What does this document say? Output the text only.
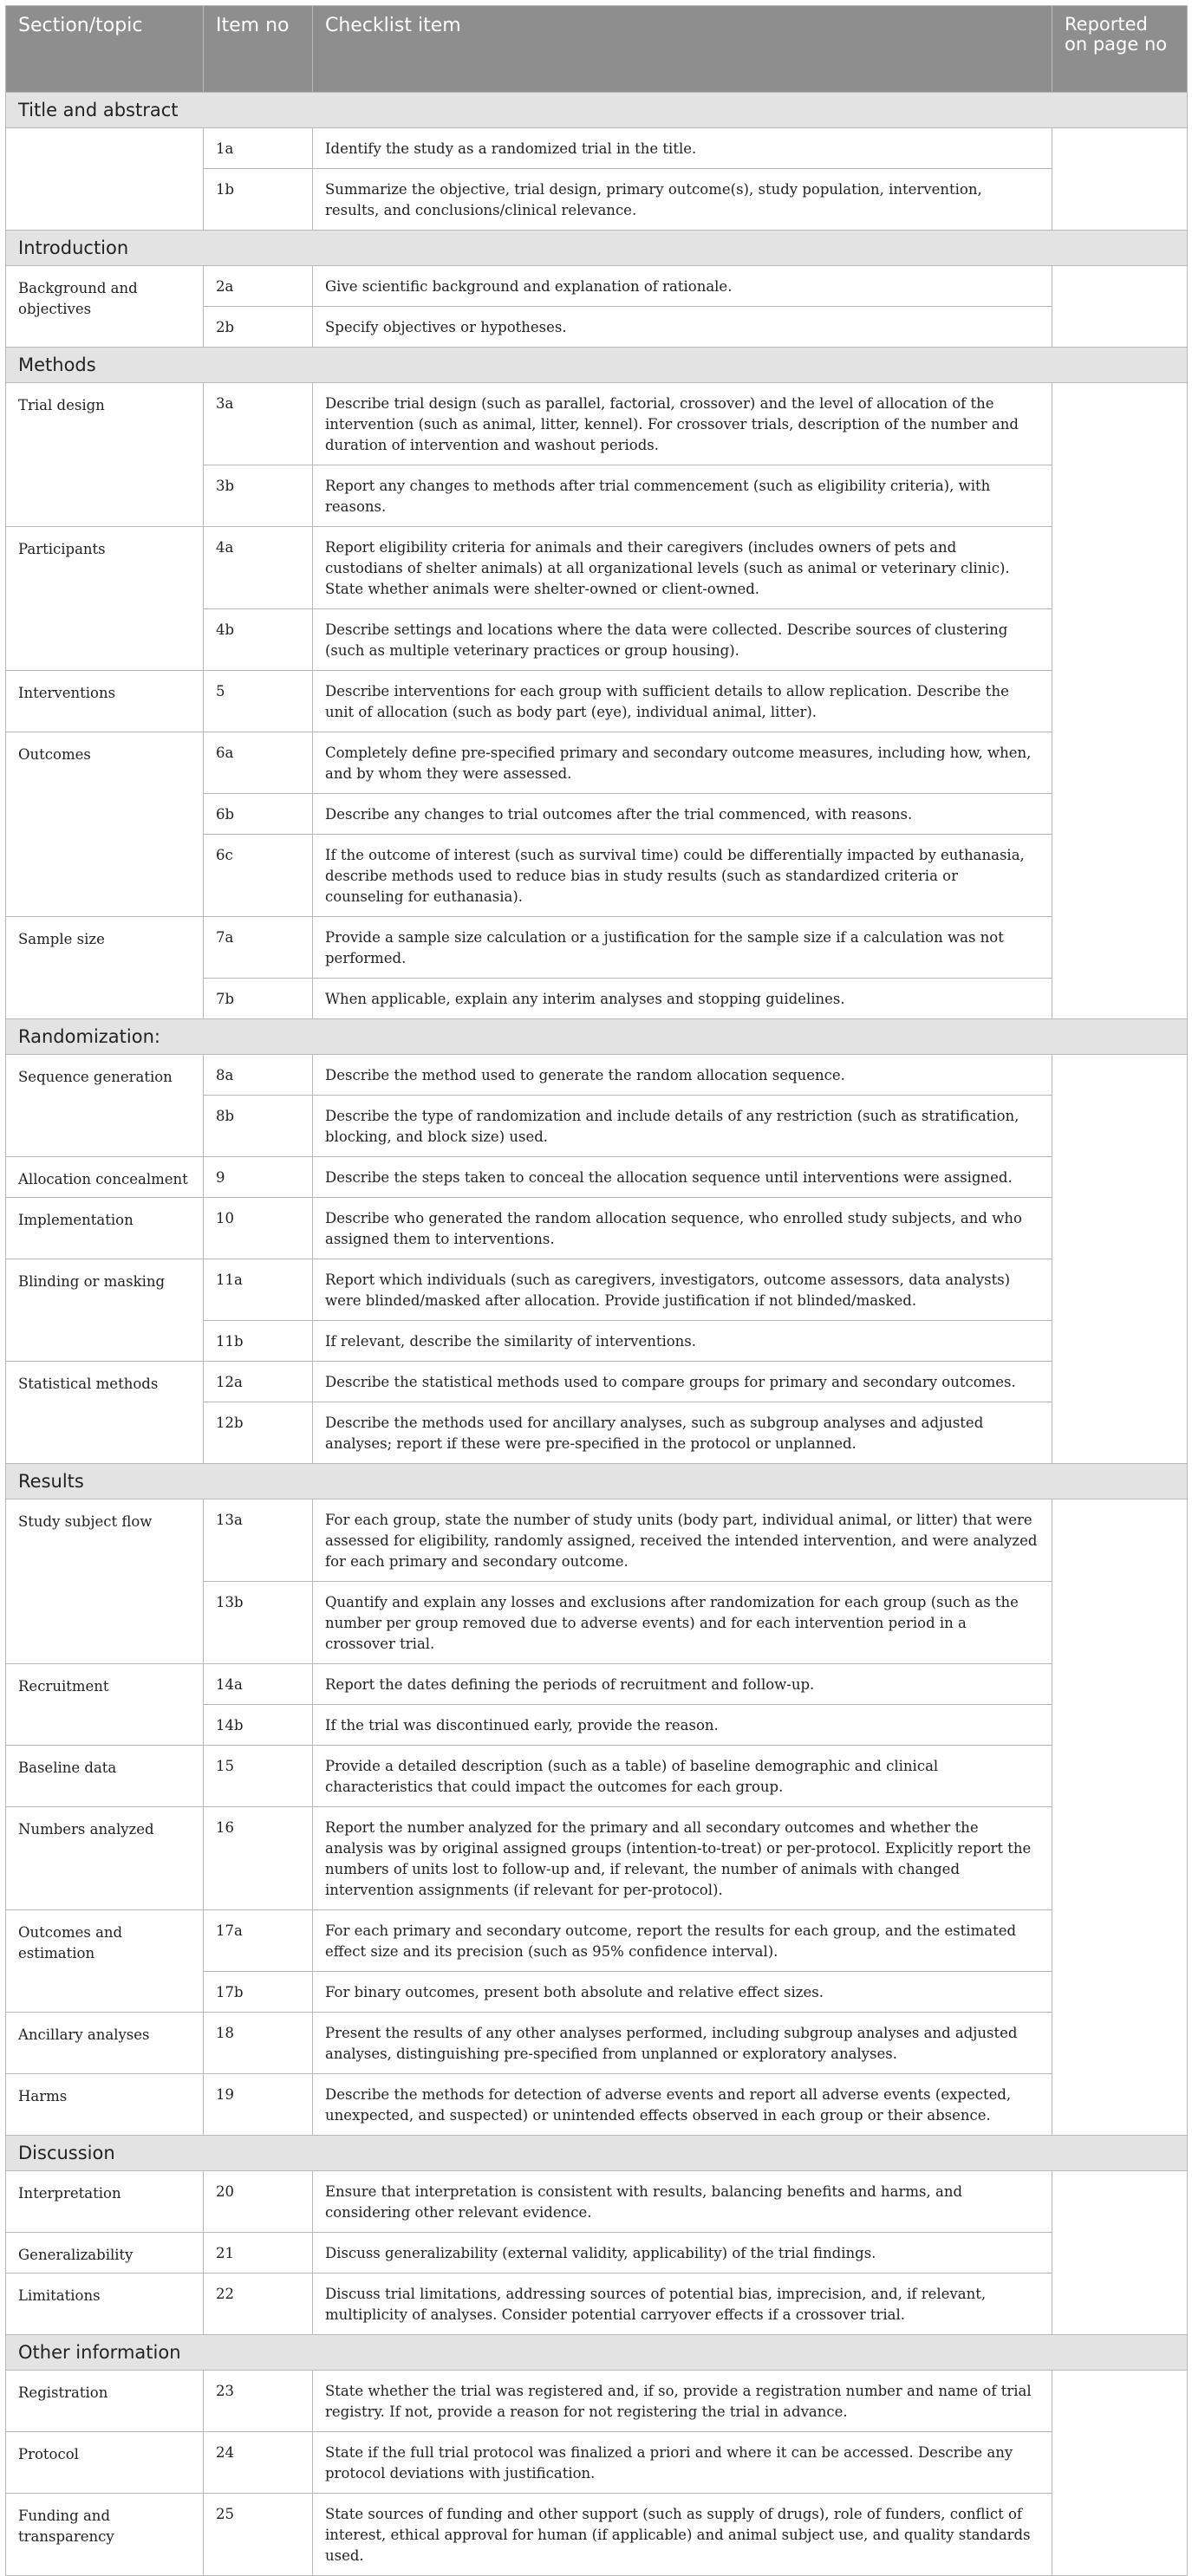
Section/topic	Item no	Checklist item	Reported on page no
Title and abstract			
	1a	Identify the study as a randomized trial in the title.	
	1b	Summarize the objective, trial design, primary outcome(s), study population, intervention, results, and conclusions/clinical relevance.	
Introduction			
Background and objectives	2a	Give scientific background and explanation of rationale.	
	2b	Specify objectives or hypotheses.	
Methods			
Trial design	3a	Describe trial design (such as parallel, factorial, crossover) and the level of allocation of the intervention (such as animal, litter, kennel). For crossover trials, description of the number and duration of intervention and washout periods.	
	3b	Report any changes to methods after trial commencement (such as eligibility criteria), with reasons.	
Participants	4a	Report eligibility criteria for animals and their caregivers (includes owners of pets and custodians of shelter animals) at all organizational levels (such as animal or veterinary clinic). State whether animals were shelter-owned or client-owned.	
	4b	Describe settings and locations where the data were collected. Describe sources of clustering (such as multiple veterinary practices or group housing).	
Interventions	5	Describe interventions for each group with sufficient details to allow replication. Describe the unit of allocation (such as body part (eye), individual animal, litter).	
Outcomes	6a	Completely define pre-specified primary and secondary outcome measures, including how, when, and by whom they were assessed.	
	6b	Describe any changes to trial outcomes after the trial commenced, with reasons.	
	6c	If the outcome of interest (such as survival time) could be differentially impacted by euthanasia, describe methods used to reduce bias in study results (such as standardized criteria or counseling for euthanasia).	
Sample size	7a	Provide a sample size calculation or a justification for the sample size if a calculation was not performed.	
	7b	When applicable, explain any interim analyses and stopping guidelines.	
Randomization:			
Sequence generation	8a	Describe the method used to generate the random allocation sequence.	
	8b	Describe the type of randomization and include details of any restriction (such as stratification, blocking, and block size) used.	
Allocation concealment	9	Describe the steps taken to conceal the allocation sequence until interventions were assigned.	
Implementation	10	Describe who generated the random allocation sequence, who enrolled study subjects, and who assigned them to interventions.	
Blinding or masking	11a	Report which individuals (such as caregivers, investigators, outcome assessors, data analysts) were blinded/masked after allocation. Provide justification if not blinded/masked.	
	11b	If relevant, describe the similarity of interventions.	
Statistical methods	12a	Describe the statistical methods used to compare groups for primary and secondary outcomes.	
	12b	Describe the methods used for ancillary analyses, such as subgroup analyses and adjusted analyses; report if these were pre-specified in the protocol or unplanned.	
Results			
Study subject flow	13a	For each group, state the number of study units (body part, individual animal, or litter) that were assessed for eligibility, randomly assigned, received the intended intervention, and were analyzed for each primary and secondary outcome.	
	13b	Quantify and explain any losses and exclusions after randomization for each group (such as the number per group removed due to adverse events) and for each intervention period in a crossover trial.	
Recruitment	14a	Report the dates defining the periods of recruitment and follow-up.	
	14b	If the trial was discontinued early, provide the reason.	
Baseline data	15	Provide a detailed description (such as a table) of baseline demographic and clinical characteristics that could impact the outcomes for each group.	
Numbers analyzed	16	Report the number analyzed for the primary and all secondary outcomes and whether the analysis was by original assigned groups (intention-to-treat) or per-protocol. Explicitly report the numbers of units lost to follow-up and, if relevant, the number of animals with changed intervention assignments (if relevant for per-protocol).	
Outcomes and estimation	17a	For each primary and secondary outcome, report the results for each group, and the estimated effect size and its precision (such as 95% confidence interval).	
	17b	For binary outcomes, present both absolute and relative effect sizes.	
Ancillary analyses	18	Present the results of any other analyses performed, including subgroup analyses and adjusted analyses, distinguishing pre-specified from unplanned or exploratory analyses.	
Harms	19	Describe the methods for detection of adverse events and report all adverse events (expected, unexpected, and suspected) or unintended effects observed in each group or their absence.	
Discussion			
Interpretation	20	Ensure that interpretation is consistent with results, balancing benefits and harms, and considering other relevant evidence.	
Generalizability	21	Discuss generalizability (external validity, applicability) of the trial findings.	
Limitations	22	Discuss trial limitations, addressing sources of potential bias, imprecision, and, if relevant, multiplicity of analyses. Consider potential carryover effects if a crossover trial.	
Other information			
Registration	23	State whether the trial was registered and, if so, provide a registration number and name of trial registry. If not, provide a reason for not registering the trial in advance.	
Protocol	24	State if the full trial protocol was finalized a priori and where it can be accessed. Describe any protocol deviations with justification.	
Funding and transparency	25	State sources of funding and other support (such as supply of drugs), role of funders, conflict of interest, ethical approval for human (if applicable) and animal subject use, and quality standards used.	
